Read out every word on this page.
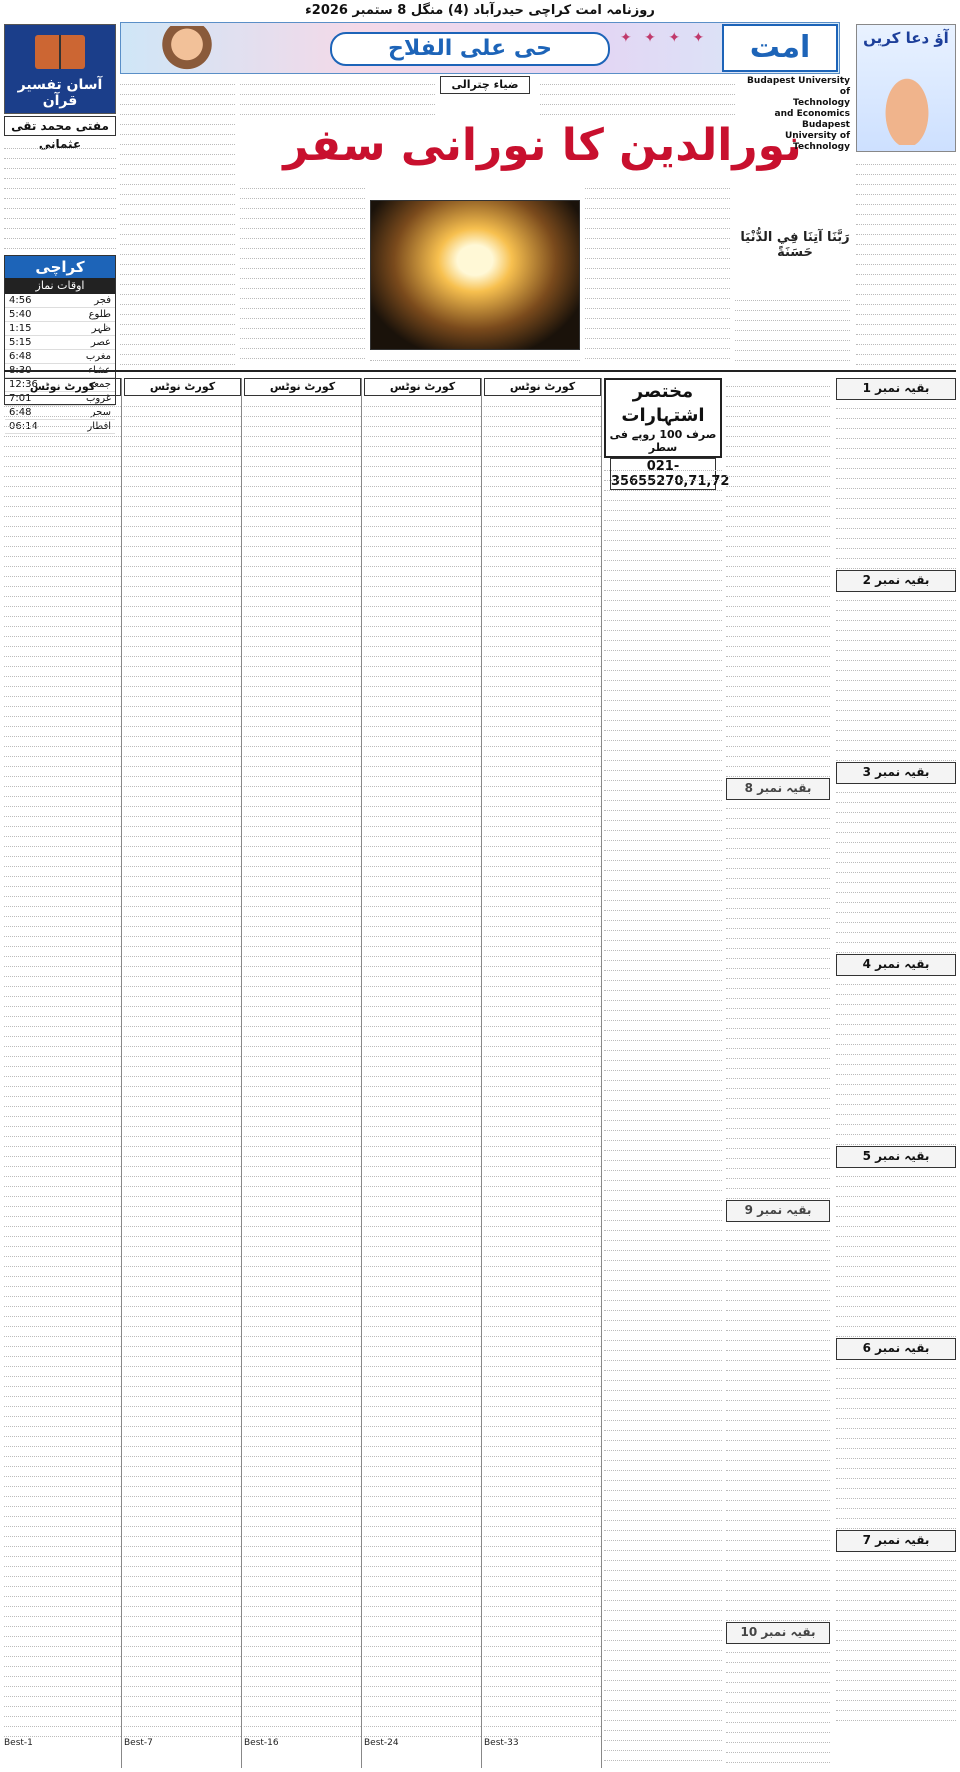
روزنامہ امت کراچی حیدرآباد (4) منگل 8 ستمبر 2026ء
✦ ✦ ✦ ✦
حی علی الفلاح	امت	آؤ دعا کریں
آسان تفسیر قرآن
مفتی محمد تقی عثمانی
کراچی
اوقات نماز
4:56	فجر
5:40	طلوع
1:15	ظہر
5:15	عصر
6:48	مغرب
12:36	جمعہ
7:01	غروب
6:48	سحر
06:14	افطار
ضیاء چترالی
نورالدین کا نورانی سفر
Budapest University of
Technology
and Economics
Budapest
University of Technology
رَبَّنَا آتِنَا فِي الدُّنْيَا حَسَنَةً
کورٹ نوٹس
Best-1
کورٹ نوٹس
Best-7
کورٹ نوٹس
Best-16
کورٹ نوٹس
Best-24
کورٹ نوٹس
Best-33
مختصر اشتہارات
صرف 100 روپے فی سطر
021-35655270,71,72
بقیہ نمبر 8
بقیہ نمبر 9
بقیہ نمبر 10
بقیہ نمبر 1
بقیہ نمبر 2
بقیہ نمبر 3
بقیہ نمبر 4
بقیہ نمبر 5
بقیہ نمبر 6
بقیہ نمبر 7
